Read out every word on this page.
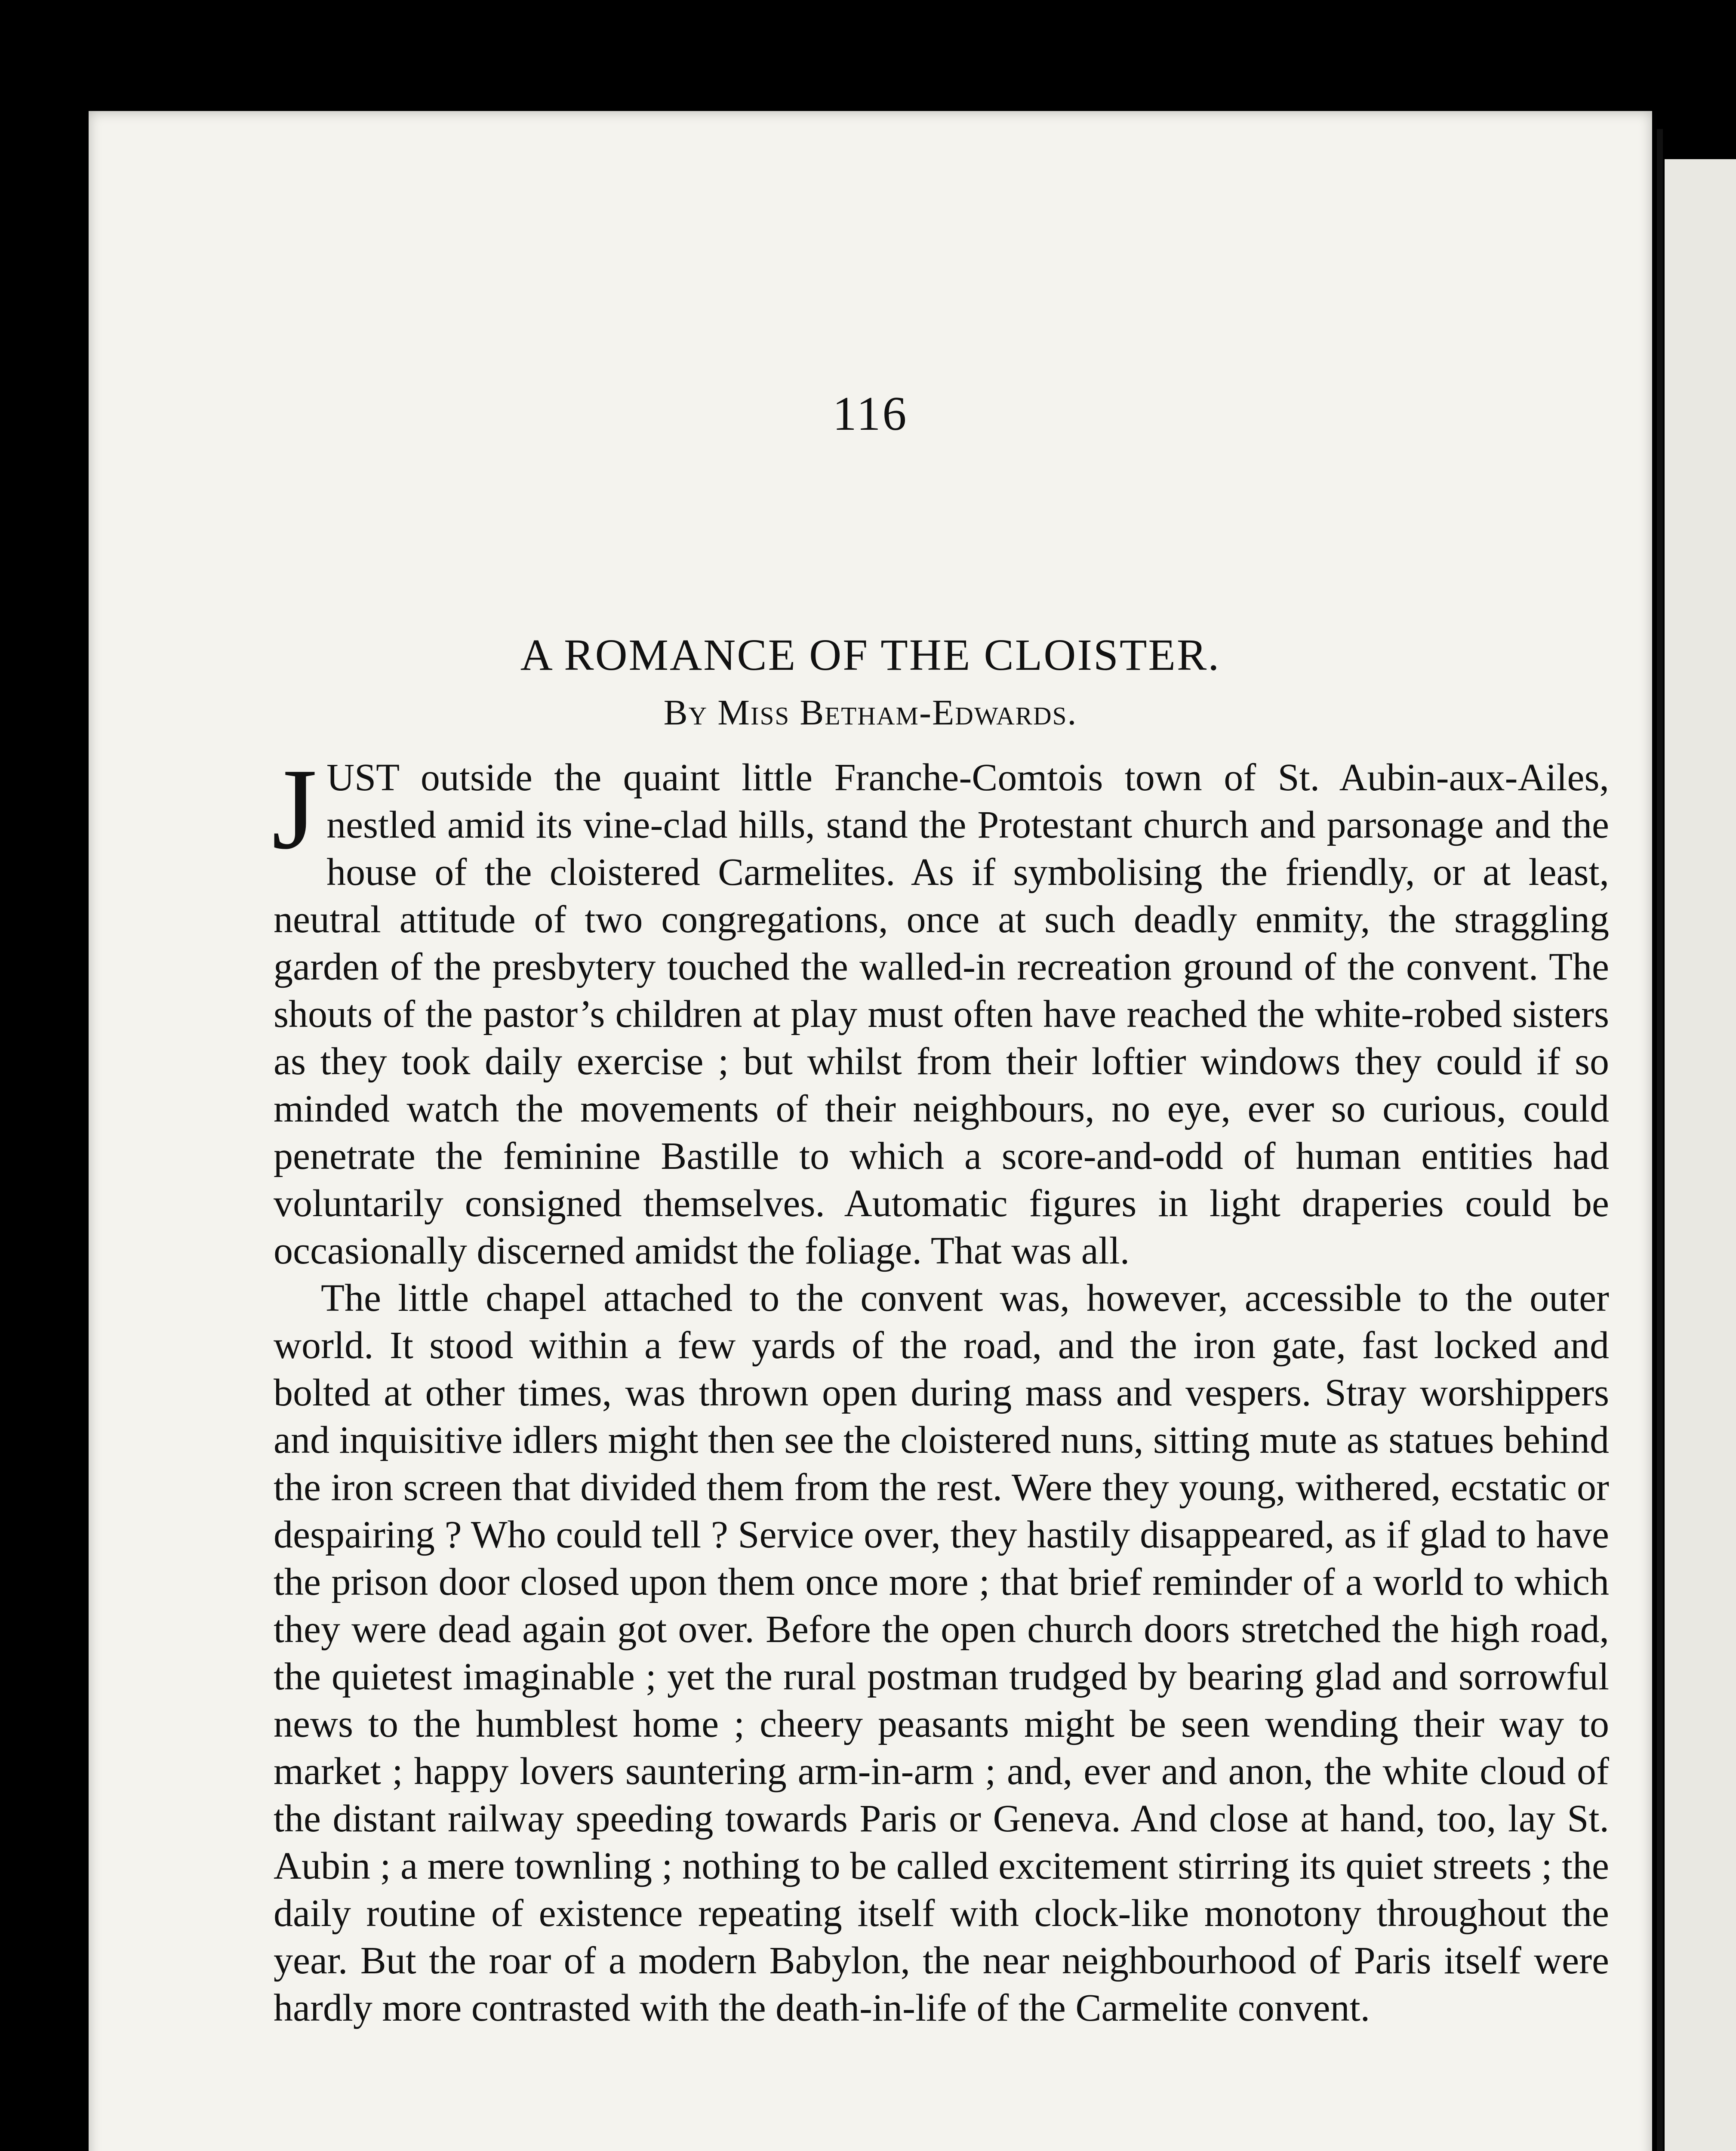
116
A ROMANCE OF THE CLOISTER.
By Miss Betham-Edwards.

JUST outside the quaint little Franche-Comtois town of St. Aubin-aux-Ailes, nestled amid its vine-clad hills, stand the Protestant church and parsonage and the house of the cloistered Carmelites. As if symbolising the friendly, or at least, neutral attitude of two congregations, once at such deadly enmity, the straggling garden of the presbytery touched the walled-in recreation ground of the convent. The shouts of the pastor’s children at play must often have reached the white-robed sisters as they took daily exercise ; but whilst from their loftier windows they could if so minded watch the movements of their neighbours, no eye, ever so curious, could penetrate the feminine Bastille to which a score-and-odd of human entities had voluntarily consigned themselves. Automatic figures in light draperies could be occasionally discerned amidst the foliage. That was all.

The little chapel attached to the convent was, however, accessible to the outer world. It stood within a few yards of the road, and the iron gate, fast locked and bolted at other times, was thrown open during mass and vespers. Stray worshippers and inquisitive idlers might then see the cloistered nuns, sitting mute as statues behind the iron screen that divided them from the rest. Were they young, withered, ecstatic or despairing ? Who could tell ? Service over, they hastily disappeared, as if glad to have the prison door closed upon them once more ; that brief reminder of a world to which they were dead again got over. Before the open church doors stretched the high road, the quietest imaginable ; yet the rural postman trudged by bearing glad and sorrowful news to the humblest home ; cheery peasants might be seen wending their way to market ; happy lovers sauntering arm-in-arm ; and, ever and anon, the white cloud of the distant railway speeding towards Paris or Geneva. And close at hand, too, lay St. Aubin ; a mere townling ; nothing to be called excitement stirring its quiet streets ; the daily routine of existence repeating itself with clock-like monotony throughout the year. But the roar of a modern Babylon, the near neighbourhood of Paris itself were hardly more contrasted with the death-in-life of the Carmelite convent.
